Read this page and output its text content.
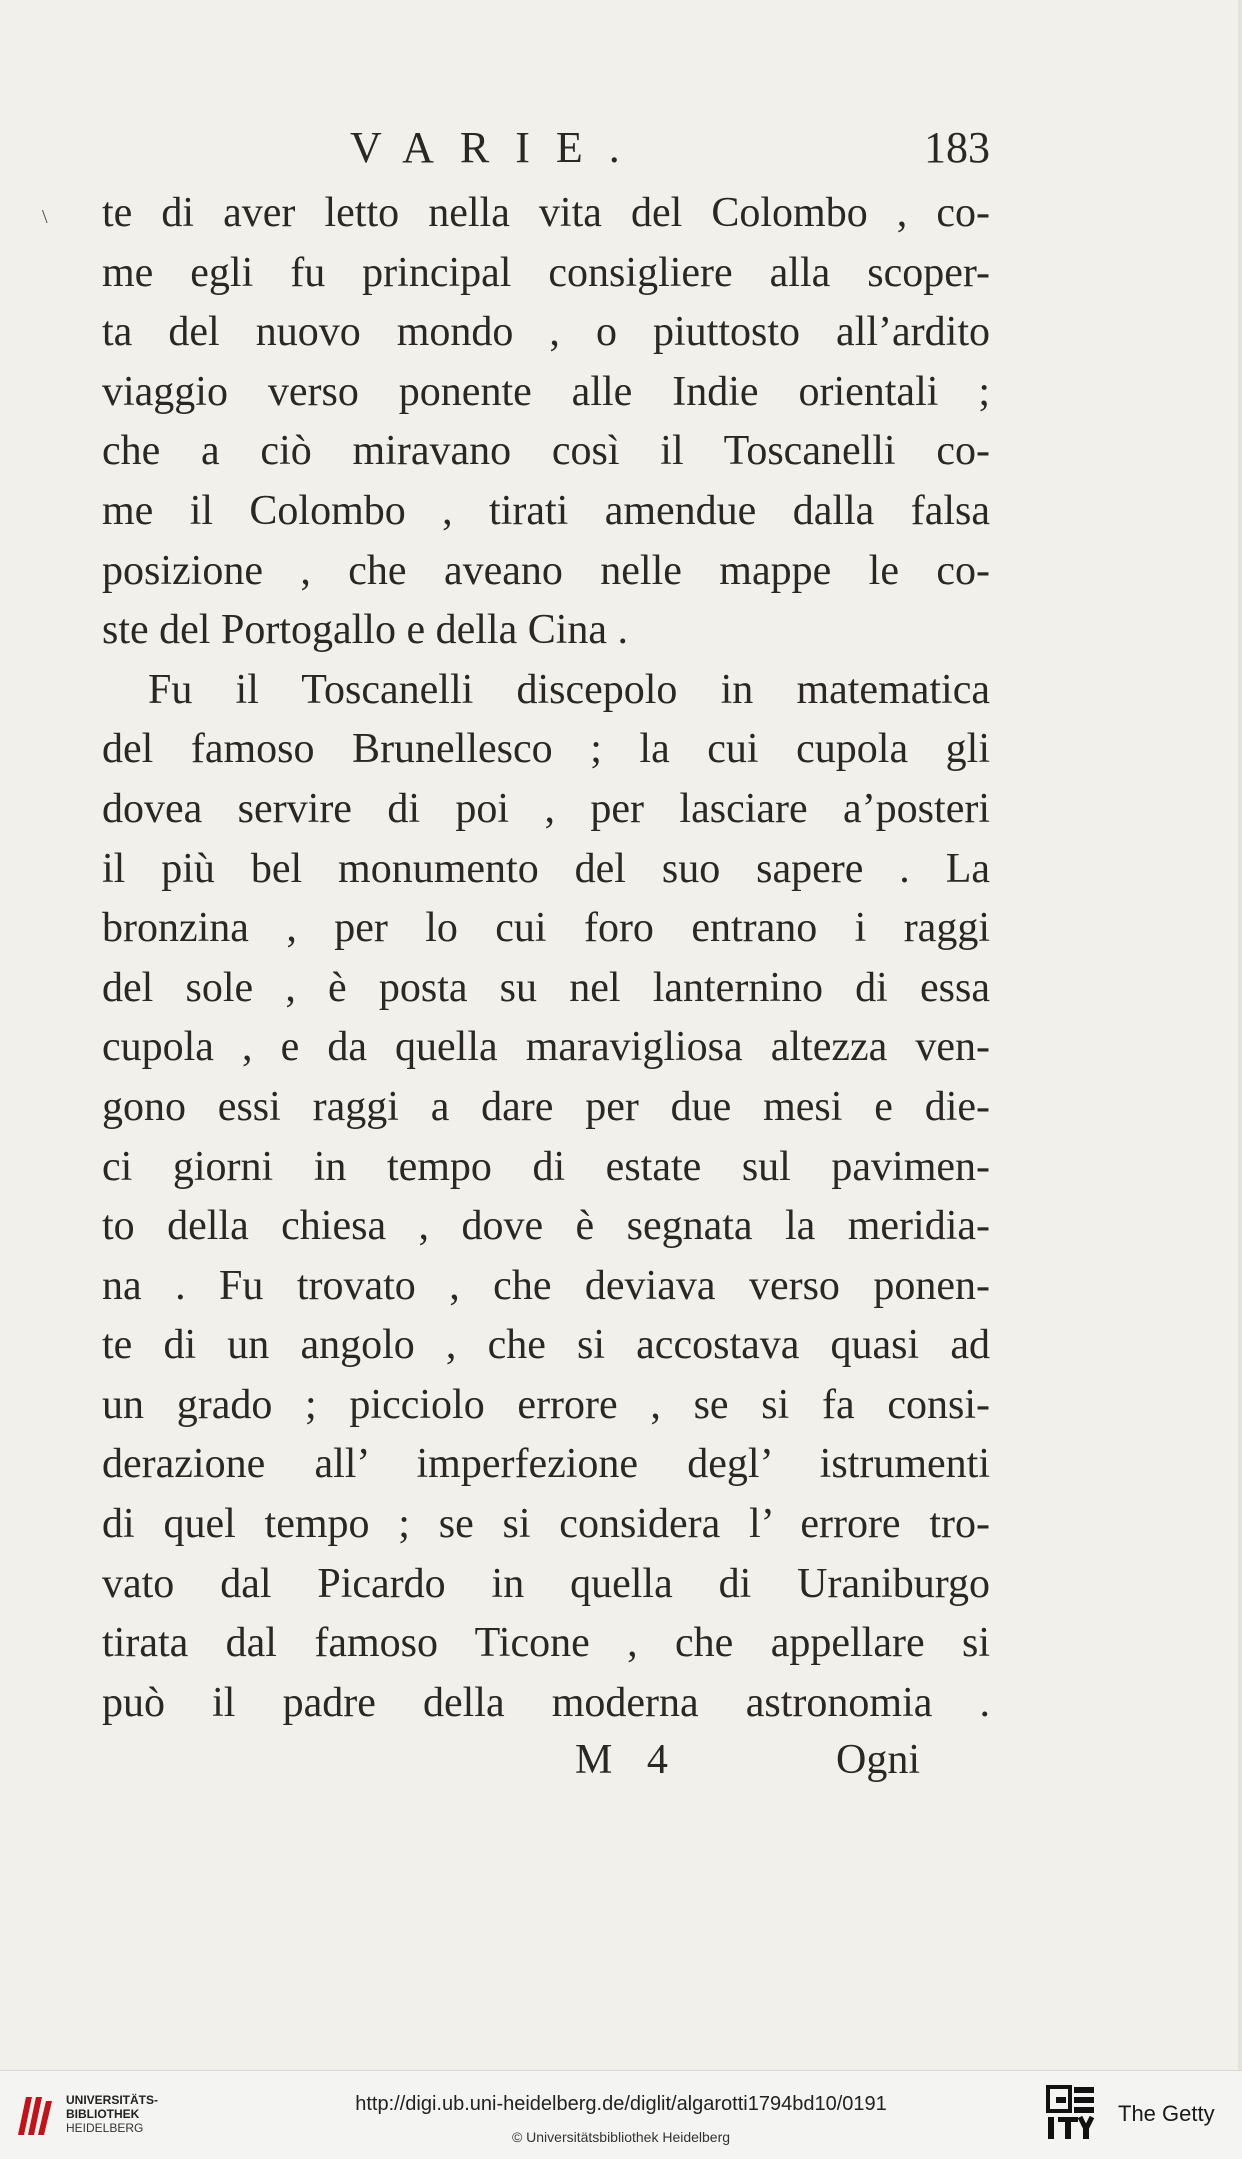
\
VARIE.	183
te di aver letto nella vita del Colombo , co-
me egli fu principal consigliere alla scoper-
ta del nuovo mondo , o piuttosto all’ardito
viaggio verso ponente alle Indie orientali ;
che a ciò miravano così il Toscanelli co-
me il Colombo , tirati amendue dalla falsa
posizione , che aveano nelle mappe le co-
ste del Portogallo e della Cina .
Fu il Toscanelli discepolo in matematica
del famoso Brunellesco ; la cui cupola gli
dovea servire di poi , per lasciare a’posteri
il più bel monumento del suo sapere . La
bronzina , per lo cui foro entrano i raggi
del sole , è posta su nel lanternino di essa
cupola , e da quella maravigliosa altezza ven-
gono essi raggi a dare per due mesi e die-
ci giorni in tempo di estate sul pavimen-
to della chiesa , dove è segnata la meridia-
na . Fu trovato , che deviava verso ponen-
te di un angolo , che si accostava quasi ad
un grado ; picciolo errore , se si fa consi-
derazione all’ imperfezione degl’ istrumenti
di quel tempo ; se si considera l’ errore tro-
vato dal Picardo in quella di Uraniburgo
tirata dal famoso Ticone , che appellare si
può il padre della moderna astronomia .
M 4	Ogni
UNIVERSITÄTS-
BIBLIOTHEK
HEIDELBERG
http://digi.ub.uni-heidelberg.de/diglit/algarotti1794bd10/0191
© Universitätsbibliothek Heidelberg
The Getty
